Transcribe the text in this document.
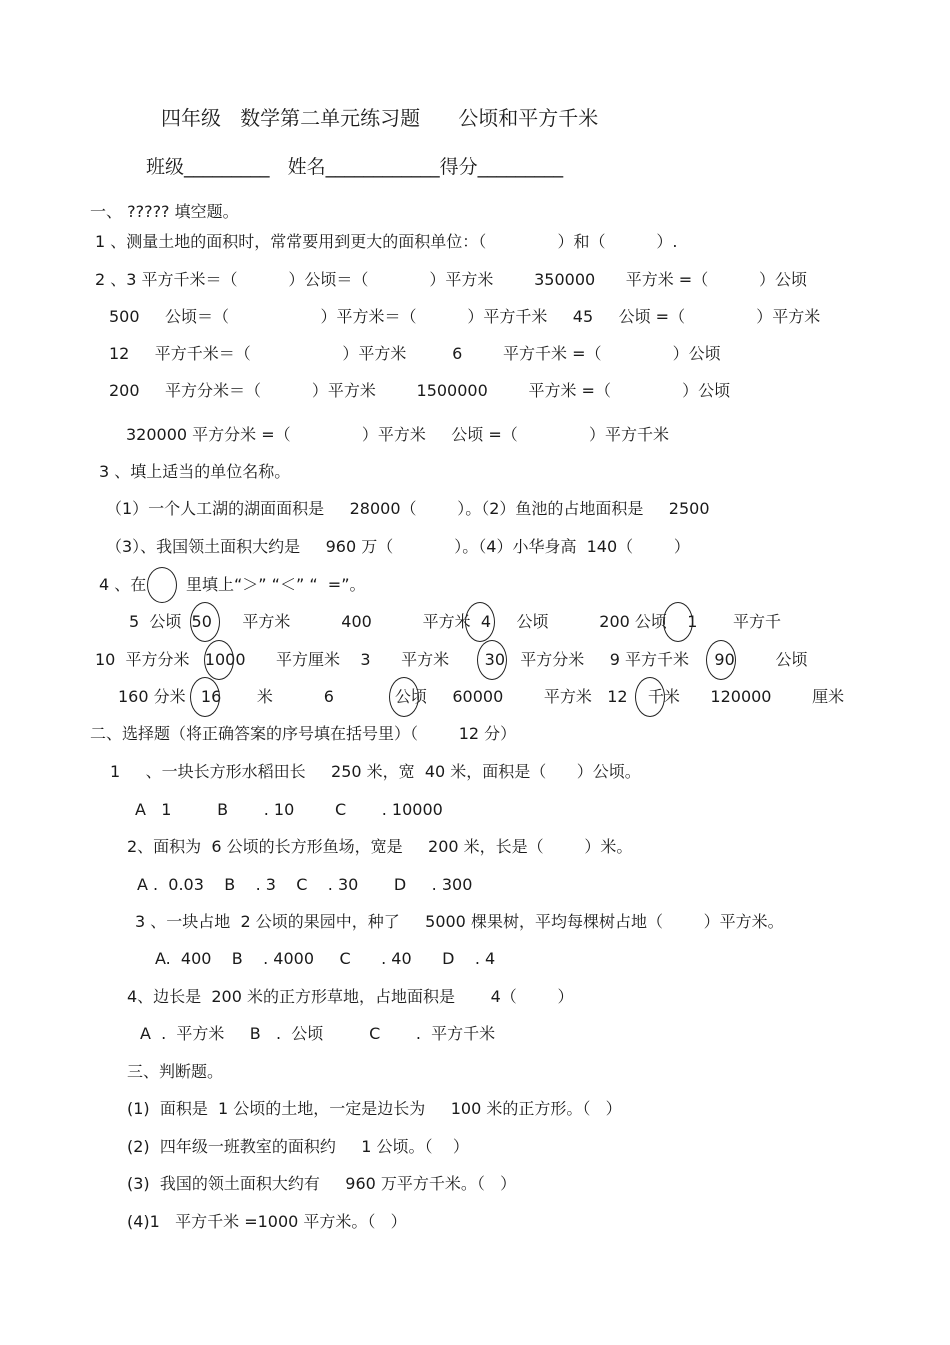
四年级   数学第二单元练习题      公顷和平方千米
班级_________   姓名____________得分_________
一、 ????? 填空题。
1 、测量土地的面积时，常常要用到更大的面积单位：（              ）和（          ）.
2 、3 平方千米＝（          ）公顷＝（            ）平方米        350000      平方米 =（          ）公顷
500     公顷＝（                  ）平方米＝（          ）平方千米     45     公顷 =（              ）平方米
12     平方千米＝（                  ）平方米         6        平方千米 =（              ）公顷
200     平方分米＝（          ）平方米        1500000        平方米 =（              ）公顷
320000 平方分米 =（              ）平方米     公顷 =（              ）平方千米
3 、填上适当的单位名称。
（1）一个人工湖的湖面面积是     28000（        ）。（2）鱼池的占地面积是     2500
（3）、我国领土面积大约是     960 万（            ）。（4）小华身高  140（        ）
4 、在 里填上“＞” “＜” “  =”。
5  公顷  50      平方米          400          平方米  4     公顷          200 公顷    1       平方千
10  平方分米   1000      平方厘米    3      平方米       30   平方分米     9 平方千米     90        公顷
160 分米   16       米          6            公顷     60000        平方米   12    千米      120000        厘米
二、选择题（将正确答案的序号填在括号里）（        12 分）
1     、一块长方形水稻田长     250 米，宽  40 米，面积是（      ）公顷。
A   1         B       . 10        C       . 10000
2、面积为  6 公顷的长方形鱼场，宽是     200 米，长是（        ）米。
A .  0.03    B    . 3    C    . 30       D     . 300
3 、一块占地  2 公顷的果园中，种了     5000 棵果树，平均每棵树占地（        ）平方米。
A.  400    B    . 4000     C      . 40      D    . 4
4、边长是  200 米的正方形草地，占地面积是       4（        ）
A  .  平方米     B   .  公顷         C       .  平方千米
三、判断题。
(1)  面积是  1 公顷的土地，一定是边长为     100 米的正方形。（   ）
(2)  四年级一班教室的面积约     1 公顷。（    ）
(3)  我国的领土面积大约有     960 万平方千米。（   ）
(4)1   平方千米 =1000 平方米。（   ）
